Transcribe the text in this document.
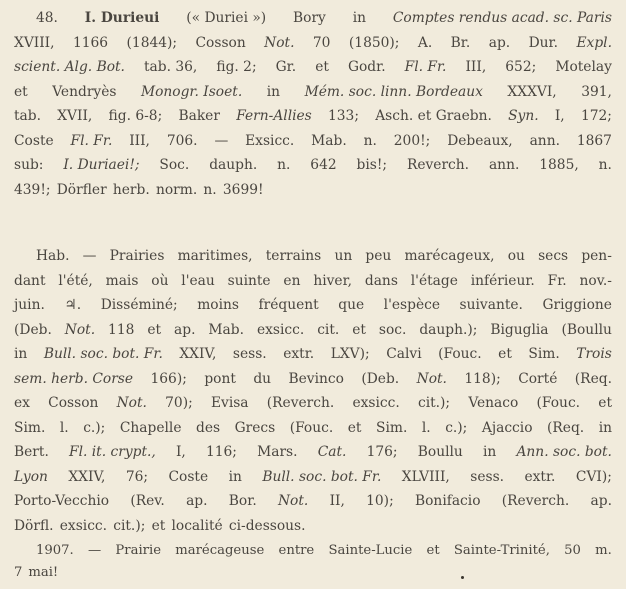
48. I. Durieui (« Duriei ») Bory in Comptes rendus acad. sc. Paris
XVIII, 1166 (1844); Cosson Not. 70 (1850); A. Br. ap. Dur. Expl.
scient. Alg. Bot. tab. 36, fig. 2; Gr. et Godr. Fl. Fr. III, 652; Motelay
et Vendryès Monogr. Isoet. in Mém. soc. linn. Bordeaux XXXVI, 391,
tab. XVII, fig. 6-8; Baker Fern-Allies 133; Asch. et Graebn. Syn. I, 172;
Coste Fl. Fr. III, 706. — Exsicc. Mab. n. 200!; Debeaux, ann. 1867
sub: I. Duriaei!; Soc. dauph. n. 642 bis!; Reverch. ann. 1885, n.
439!; Dörfler herb. norm. n. 3699!
Hab. — Prairies maritimes, terrains un peu marécageux, ou secs pen-
dant l'été, mais où l'eau suinte en hiver, dans l'étage inférieur. Fr. nov.-
juin. ♃. Disséminé; moins fréquent que l'espèce suivante. Griggione
(Deb. Not. 118 et ap. Mab. exsicc. cit. et soc. dauph.); Biguglia (Boullu
in Bull. soc. bot. Fr. XXIV, sess. extr. LXV); Calvi (Fouc. et Sim. Trois
sem. herb. Corse 166); pont du Bevinco (Deb. Not. 118); Corté (Req.
ex Cosson Not. 70); Evisa (Reverch. exsicc. cit.); Venaco (Fouc. et
Sim. l. c.); Chapelle des Grecs (Fouc. et Sim. l. c.); Ajaccio (Req. in
Bert. Fl. it. crypt., I, 116; Mars. Cat. 176; Boullu in Ann. soc. bot.
Lyon XXIV, 76; Coste in Bull. soc. bot. Fr. XLVIII, sess. extr. CVI);
Porto-Vecchio (Rev. ap. Bor. Not. II, 10); Bonifacio (Reverch. ap.
Dörfl. exsicc. cit.); et localité ci-dessous.
1907. — Prairie marécageuse entre Sainte-Lucie et Sainte-Trinité, 50 m.
7 mai!
